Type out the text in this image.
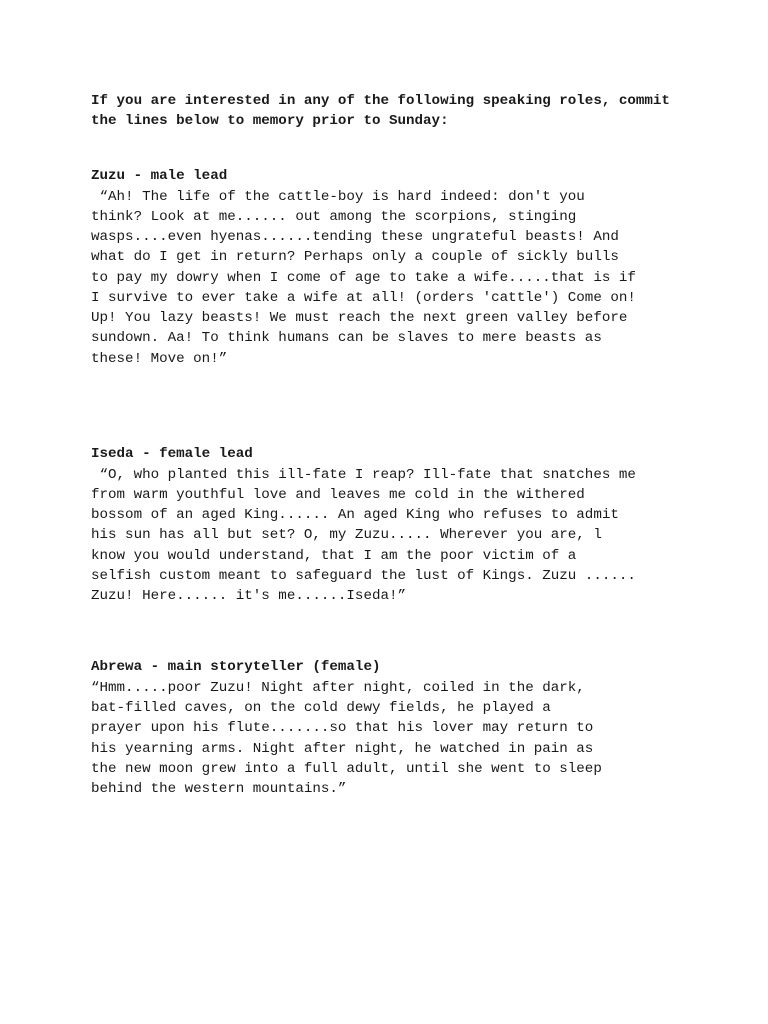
If you are interested in any of the following speaking roles, commit

the lines below to memory prior to Sunday:

Zuzu - male lead

“Ah! The life of the cattle-boy is hard indeed: don't you

think? Look at me...... out among the scorpions, stinging

wasps....even hyenas......tending these ungrateful beasts! And

what do I get in return? Perhaps only a couple of sickly bulls

to pay my dowry when I come of age to take a wife.....that is if

I survive to ever take a wife at all! (orders 'cattle') Come on!

Up! You lazy beasts! We must reach the next green valley before

sundown. Aa! To think humans can be slaves to mere beasts as

these! Move on!”

Iseda - female lead

“O, who planted this ill-fate I reap? Ill-fate that snatches me

from warm youthful love and leaves me cold in the withered

bossom of an aged King...... An aged King who refuses to admit

his sun has all but set? O, my Zuzu..... Wherever you are, l

know you would understand, that I am the poor victim of a

selfish custom meant to safeguard the lust of Kings. Zuzu ......

Zuzu! Here...... it's me......Iseda!”

Abrewa - main storyteller (female)

“Hmm.....poor Zuzu! Night after night, coiled in the dark,

bat-filled caves, on the cold dewy fields, he played a

prayer upon his flute.......so that his lover may return to

his yearning arms. Night after night, he watched in pain as

the new moon grew into a full adult, until she went to sleep

behind the western mountains.”
